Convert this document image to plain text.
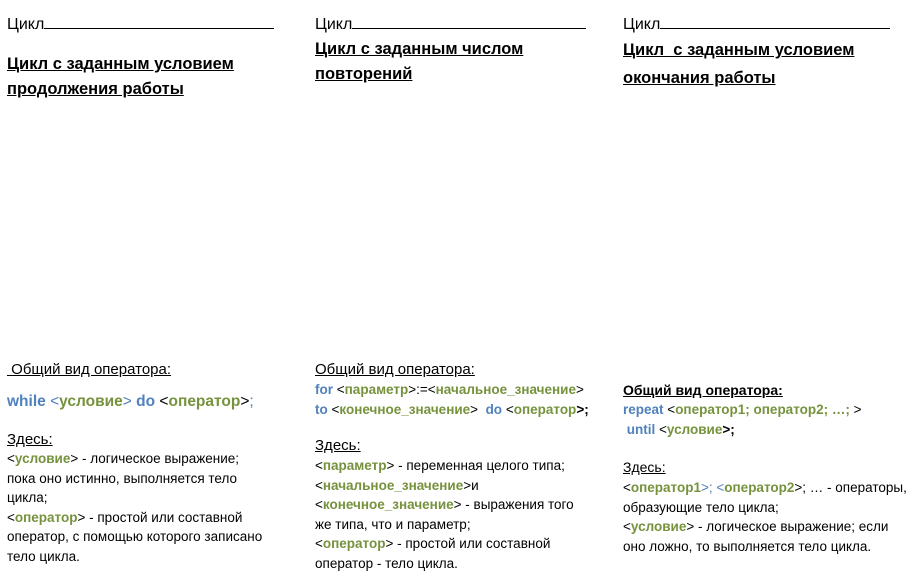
Цикл
Цикл с заданным условием
продолжения работы
Общий вид оператора:
while <условие> do <оператор>;
Здесь:
<условие> - логическое выражение;
пока оно истинно, выполняется тело
цикла;
<оператор> - простой или составной
оператор, с помощью которого записано
тело цикла.
Цикл
Цикл с заданным числом
повторений
Общий вид оператора:
for <параметр>:=<начальное_значение>
to <конечное_значение> do <оператор>;
Здесь:
<параметр> - переменная целого типа;
<начальное_значение>и
<конечное_значение> - выражения того
же типа, что и параметр;
<оператор> - простой или составной
оператор - тело цикла.
Цикл
Цикл  с заданным условием
окончания работы
Общий вид оператора:
repeat <оператор1; оператор2; …; >
until <условие>;
Здесь:
<оператор1>; <оператор2>; … - операторы,
образующие тело цикла;
<условие> - логическое выражение; если
оно ложно, то выполняется тело цикла.
